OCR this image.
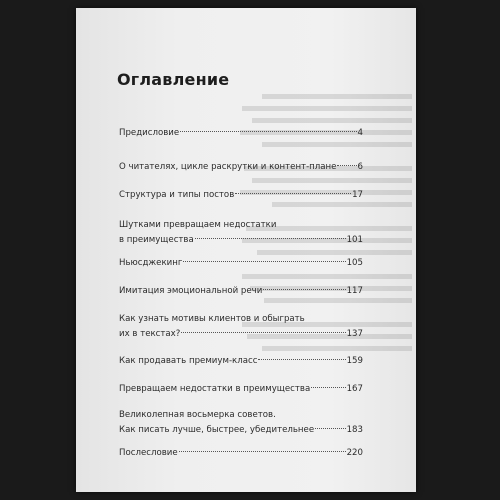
Оглавление
Предисловие	4
О читателях, цикле раскрутки и контент-плане 6
Структура и типы постов	17
Шутками превращаем недостатки
в преимущества	101
Ньюсджекинг	105
Имитация эмоциональной речи	117
Как узнать мотивы клиентов и обыграть
их в текстах?	137
Как продавать премиум-класс	159
Превращаем недостатки в преимущества	167
Великолепная восьмерка советов.
Как писать лучше, быстрее, убедительнее	183
Послесловие	220
